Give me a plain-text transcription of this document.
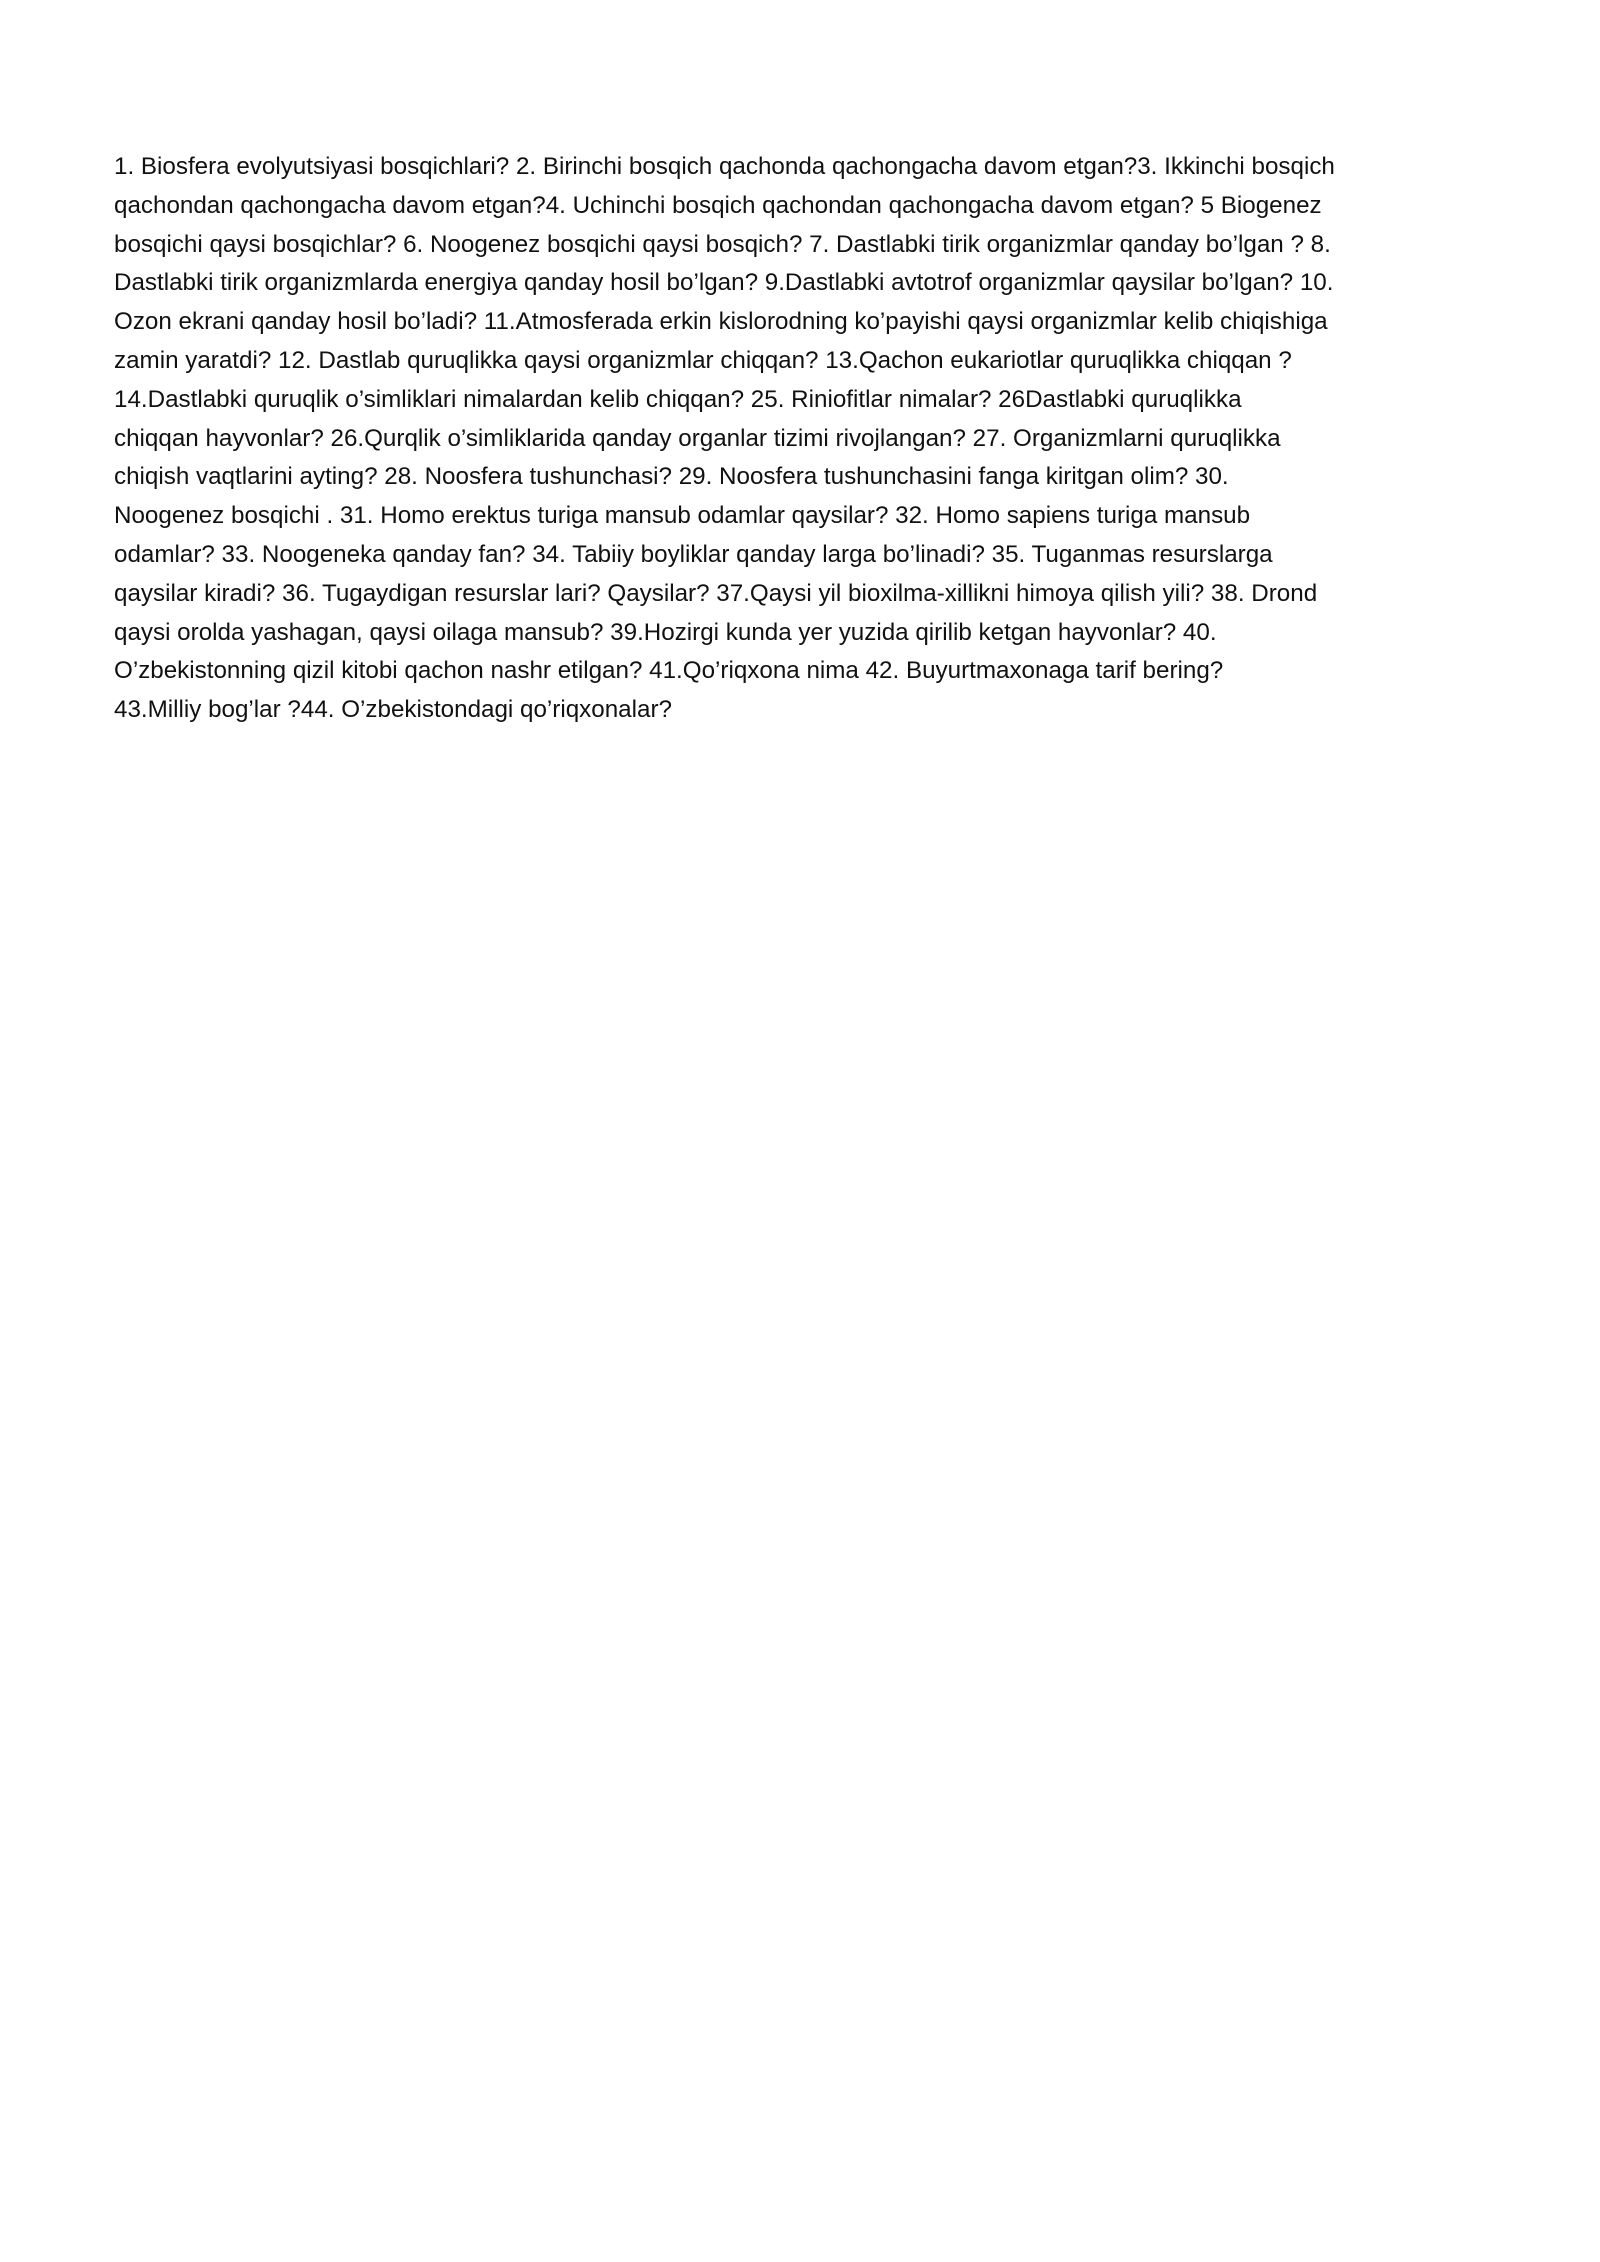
1. Biosfera evolyutsiyasi bosqichlari? 2. Birinchi bosqich qachonda qachongacha davom etgan?3. Ikkinchi bosqich
qachondan qachongacha davom etgan?4. Uchinchi bosqich qachondan qachongacha davom etgan? 5 Biogenez
bosqichi qaysi bosqichlar? 6. Noogenez bosqichi qaysi bosqich? 7. Dastlabki tirik organizmlar qanday bo’lgan ? 8.
Dastlabki tirik organizmlarda energiya qanday hosil bo’lgan? 9.Dastlabki avtotrof organizmlar qaysilar bo’lgan? 10.
Ozon ekrani qanday hosil bo’ladi? 11.Atmosferada erkin kislorodning ko’payishi qaysi organizmlar kelib chiqishiga
zamin yaratdi? 12. Dastlab quruqlikka qaysi organizmlar chiqqan? 13.Qachon eukariotlar quruqlikka chiqqan ?
14.Dastlabki quruqlik o’simliklari nimalardan kelib chiqqan? 25. Riniofitlar nimalar? 26Dastlabki quruqlikka
chiqqan hayvonlar? 26.Qurqlik o’simliklarida qanday organlar tizimi rivojlangan? 27. Organizmlarni quruqlikka
chiqish vaqtlarini ayting? 28. Noosfera tushunchasi? 29. Noosfera tushunchasini fanga kiritgan olim? 30.
Noogenez bosqichi . 31. Homo erektus turiga mansub odamlar qaysilar? 32. Homo sapiens turiga mansub
odamlar? 33. Noogeneka qanday fan? 34. Tabiiy boyliklar qanday larga bo’linadi? 35. Tuganmas resurslarga
qaysilar kiradi? 36. Tugaydigan resurslar lari? Qaysilar? 37.Qaysi yil bioxilma-xillikni himoya qilish yili? 38. Drond
qaysi orolda yashagan, qaysi oilaga mansub? 39.Hozirgi kunda yer yuzida qirilib ketgan hayvonlar? 40.
O’zbekistonning qizil kitobi qachon nashr etilgan? 41.Qo’riqxona nima 42. Buyurtmaxonaga tarif bering?
43.Milliy bog’lar ?44. O’zbekistondagi qo’riqxonalar?
